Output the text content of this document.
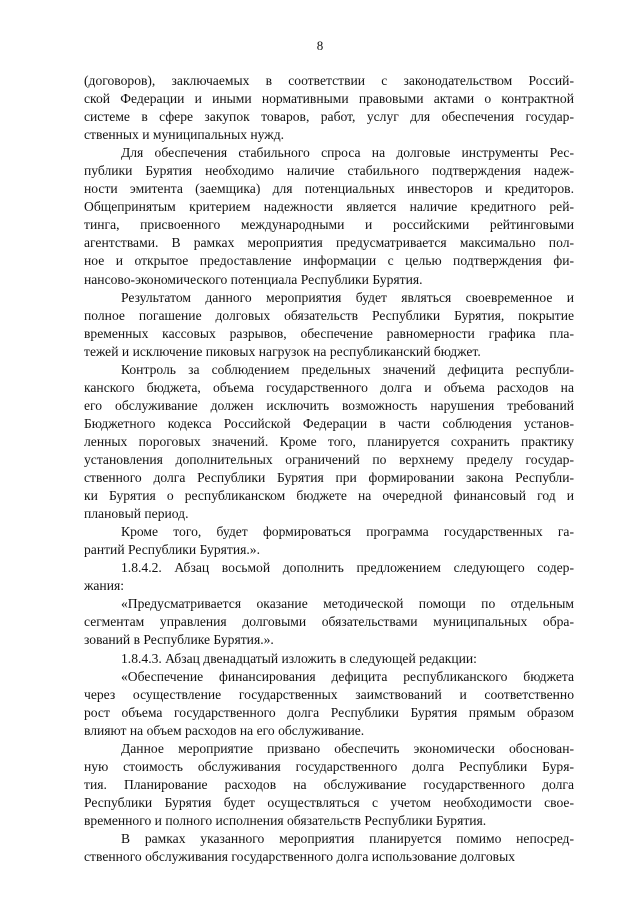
8
(договоров), заключаемых в соответствии с законодательством Россий-
ской Федерации и иными нормативными правовыми актами о контрактной
системе в сфере закупок товаров, работ, услуг для обеспечения государ-
ственных и муниципальных нужд.
Для обеспечения стабильного спроса на долговые инструменты Рес-
публики Бурятия необходимо наличие стабильного подтверждения надеж-
ности эмитента (заемщика) для потенциальных инвесторов и кредиторов.
Общепринятым критерием надежности является наличие кредитного рей-
тинга, присвоенного международными и российскими рейтинговыми
агентствами. В рамках мероприятия предусматривается максимально пол-
ное и открытое предоставление информации с целью подтверждения фи-
нансово-экономического потенциала Республики Бурятия.
Результатом данного мероприятия будет являться своевременное и
полное погашение долговых обязательств Республики Бурятия, покрытие
временных кассовых разрывов, обеспечение равномерности графика пла-
тежей и исключение пиковых нагрузок на республиканский бюджет.
Контроль за соблюдением предельных значений дефицита республи-
канского бюджета, объема государственного долга и объема расходов на
его обслуживание должен исключить возможность нарушения требований
Бюджетного кодекса Российской Федерации в части соблюдения установ-
ленных пороговых значений. Кроме того, планируется сохранить практику
установления дополнительных ограничений по верхнему пределу государ-
ственного долга Республики Бурятия при формировании закона Республи-
ки Бурятия о республиканском бюджете на очередной финансовый год и
плановый период.
Кроме того, будет формироваться программа государственных га-
рантий Республики Бурятия.».
1.8.4.2. Абзац восьмой дополнить предложением следующего содер-
жания:
«Предусматривается оказание методической помощи по отдельным
сегментам управления долговыми обязательствами муниципальных обра-
зований в Республике Бурятия.».
1.8.4.3. Абзац двенадцатый изложить в следующей редакции:
«Обеспечение финансирования дефицита республиканского бюджета
через осуществление государственных заимствований и соответственно
рост объема государственного долга Республики Бурятия прямым образом
влияют на объем расходов на его обслуживание.
Данное мероприятие призвано обеспечить экономически обоснован-
ную стоимость обслуживания государственного долга Республики Буря-
тия. Планирование расходов на обслуживание государственного долга
Республики Бурятия будет осуществляться с учетом необходимости свое-
временного и полного исполнения обязательств Республики Бурятия.
В рамках указанного мероприятия планируется помимо непосред-
ственного обслуживания государственного долга использование долговых
